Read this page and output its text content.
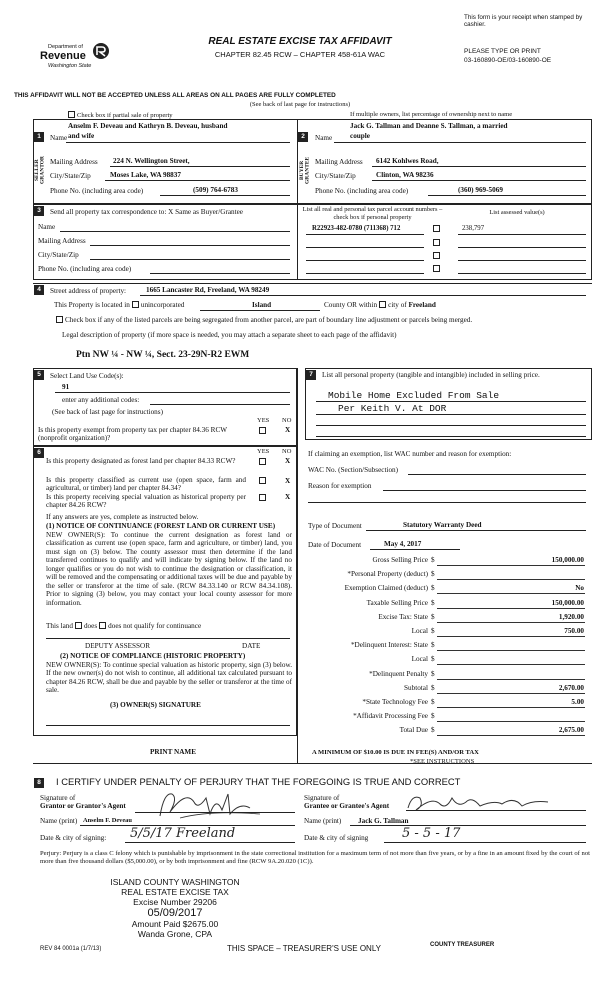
This form is your receipt when stamped by cashier.
Department of
Revenue
Washington State
REAL ESTATE EXCISE TAX AFFIDAVIT
CHAPTER 82.45 RCW – CHAPTER 458-61A WAC	PLEASE TYPE OR PRINT
03-160890-OE/03-160890-OE
THIS AFFIDAVIT WILL NOT BE ACCEPTED UNLESS ALL AREAS ON ALL PAGES ARE FULLY COMPLETED
(See back of last page for instructions)
Check box if partial sale of property	If multiple owners, list percentage of ownership next to name
1
SELLER GRANTOR
Name
Anselm F. Deveau and Kathryn B. Deveau, husband
and wife
Mailing Address 224 N. Wellington Street,
City/State/Zip	Moses Lake, WA 98837
Phone No. (including area code)	(509) 764-6783
2
BUYER GRANTEE
Name
Jack G. Tallman and Deanne S. Tallman, a married
couple
Mailing Address 6142 Kohlwes Road,
City/State/Zip	Clinton, WA 98236
Phone No. (including area code)	(360) 969-5069
3	Send all property tax correspondence to: X Same as Buyer/Grantee
Name
Mailing Address
City/State/Zip
Phone No. (including area code)
List all real and personal tax parcel account numbers – check box if personal property
List assessed value(s)
R22923-482-0780 (711368) 712	238,797
4	Street address of property:	1665 Lancaster Rd, Freeland, WA 98249
This Property is located in unincorporated	Island	County OR within city of Freeland
Check box if any of the listed parcels are being segregated from another parcel, are part of boundary line adjustment or parcels being merged.
Legal description of property (if more space is needed, you may attach a separate sheet to each page of the affidavit)
Ptn NW ¼ - NW ¼, Sect. 23-29N-R2 EWM
5	Select Land Use Code(s):
91
enter any additional codes:
(See back of last page for instructions)
YES NO
Is this property exempt from property tax per chapter 84.36 RCW (nonprofit organization)?
X
7	List all personal property (tangible and intangible) included in selling price.
Mobile Home Excluded From Sale
Per Keith V. At DOR
If claiming an exemption, list WAC number and reason for exemption:
WAC No. (Section/Subsection)
Reason for exemption
Type of Document	Statutory Warranty Deed
Date of Document	May 4, 2017
Gross Selling Price $	150,000.00
*Personal Property (deduct) $
Exemption Claimed (deduct) $	No
Taxable Selling Price $	150,000.00
Excise Tax: State $	1,920.00
Local $	750.00
*Delinquent Interest: State $
Local $
*Delinquent Penalty $
Subtotal $	2,670.00
*State Technology Fee $	5.00
*Affidavit Processing Fee $
Total Due $	2,675.00
A MINIMUM OF $10.00 IS DUE IN FEE(S) AND/OR TAX
*SEE INSTRUCTIONS
6	YES NO
Is this property designated as forest land per chapter 84.33 RCW?	X
Is this property classified as current use (open space, farm and agricultural, or timber) land per chapter 84.34?
X
Is this property receiving special valuation as historical property per chapter 84.26 RCW?
X
If any answers are yes, complete as instructed below.
(1) NOTICE OF CONTINUANCE (FOREST LAND OR CURRENT USE)
NEW OWNER(S): To continue the current designation as forest land or classification as current use (open space, farm and agriculture, or timber) land, you must sign on (3) below. The county assessor must then determine if the land transferred continues to qualify and will indicate by signing below. If the land no longer qualifies or you do not wish to continue the designation or classification, it will be removed and the compensating or additional taxes will be due and payable by the seller or transferor at the time of sale. (RCW 84.33.140 or RCW 84.34.108). Prior to signing (3) below, you may contact your local county assessor for more information.
This land does does not qualify for continuance
DEPUTY ASSESSOR	DATE
(2) NOTICE OF COMPLIANCE (HISTORIC PROPERTY)
NEW OWNER(S): To continue special valuation as historic property, sign (3) below. If the new owner(s) do not wish to continue, all additional tax calculated pursuant to chapter 84.26 RCW, shall be due and payable by the seller or transferor at the time of sale.
(3) OWNER(S) SIGNATURE
PRINT NAME
8	I CERTIFY UNDER PENALTY OF PERJURY THAT THE FOREGOING IS TRUE AND CORRECT
Signature of
Grantor or Grantor's Agent
Name (print) Anselm F. Deveau
Date & city of signing: 5/5/17 Freeland
Signature of
Grantee or Grantee's Agent
Name (print) Jack G. Tallman
Date & city of signing	5 - 5 - 17
Perjury: Perjury is a class C felony which is punishable by imprisonment in the state correctional institution for a maximum term of not more than five years, or by a fine in an amount fixed by the court of not more than five thousand dollars ($5,000.00), or by both imprisonment and fine (RCW 9A.20.020 (1C)).
ISLAND COUNTY WASHINGTON
REAL ESTATE EXCISE TAX
Excise Number 29206
05/09/2017
Amount Paid $2675.00
Wanda Grone, CPA
REV 84 0001a (1/7/13)	THIS SPACE – TREASURER'S USE ONLY	COUNTY TREASURER
